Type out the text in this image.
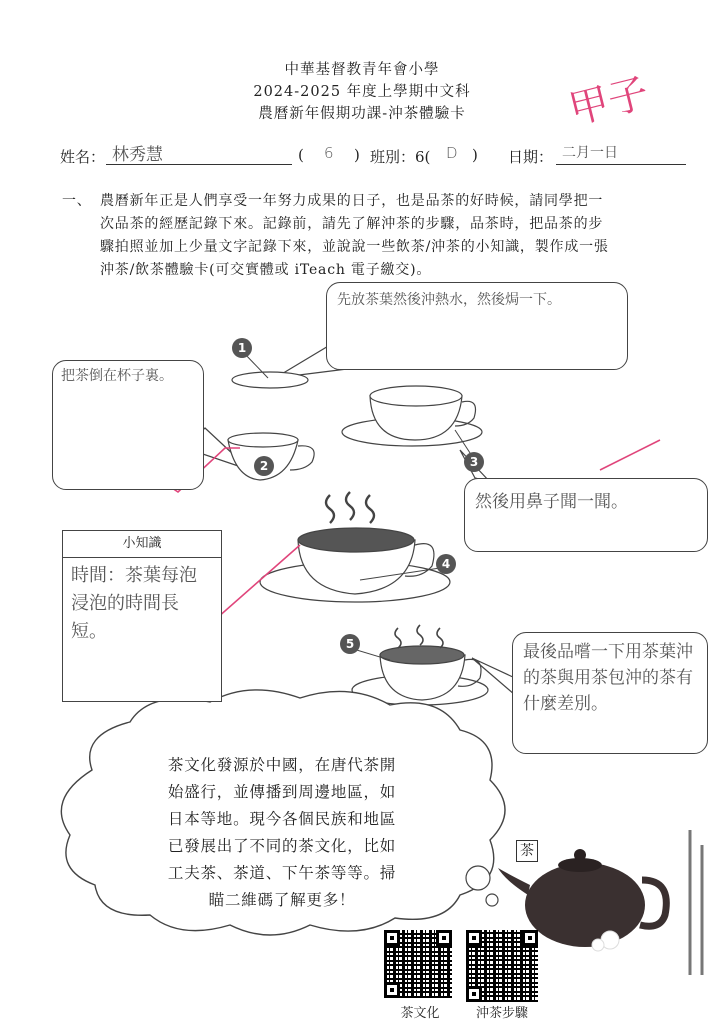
中華基督教青年會小學
2024-2025 年度上學期中文科
農曆新年假期功課-沖茶體驗卡	甲子
姓名： 林秀慧	( 6 ) 班別：6( D ) 日期： 二月一日
一、 農曆新年正是人們享受一年努力成果的日子，也是品茶的好時候，請同學把一
次品茶的經歷記錄下來。記錄前，請先了解沖茶的步驟，品茶時，把品茶的步
驟拍照並加上少量文字記錄下來，並說說一些飲茶/沖茶的小知識，製作成一張
沖茶/飲茶體驗卡(可交實體或 iTeach 電子繳交)。
1
2	3
4
5
先放茶葉然後沖熱水，然後焗一下。
把茶倒在杯子裏。
然後用鼻子聞一聞。
最後品嚐一下用茶葉沖的茶與用茶包沖的茶有什麼差別。
小知識
時間：茶葉每泡浸泡的時間長短。
茶文化發源於中國，在唐代茶開
始盛行，並傳播到周邊地區，如
日本等地。現今各個民族和地區
已發展出了不同的茶文化，比如
工夫茶、茶道、下午茶等等。掃
瞄二維碼了解更多！
茶
茶文化	沖茶步驟
